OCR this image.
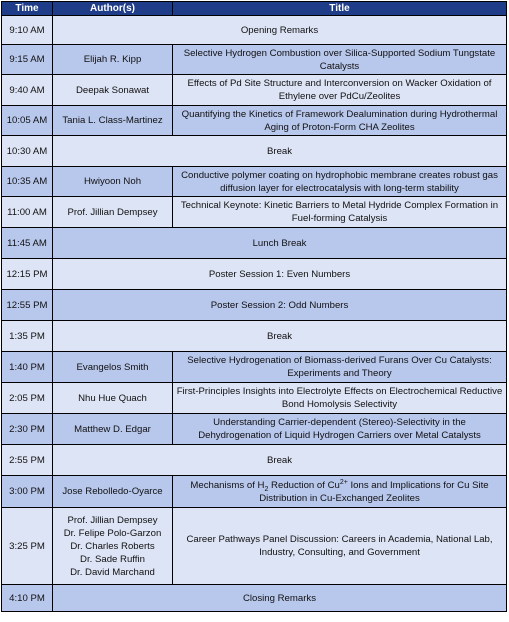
Time	Author(s)	Title
9:10 AM	Opening Remarks	
9:15 AM	Elijah R. Kipp	Selective Hydrogen Combustion over Silica-Supported Sodium Tungstate Catalysts
9:40 AM	Deepak Sonawat	Effects of Pd Site Structure and Interconversion on Wacker Oxidation of Ethylene over PdCu/Zeolites
10:05 AM	Tania L. Class-Martinez	Quantifying the Kinetics of Framework Dealumination during Hydrothermal Aging of Proton-Form CHA Zeolites
10:30 AM	Break	
10:35 AM	Hwiyoon Noh	Conductive polymer coating on hydrophobic membrane creates robust gas diffusion layer for electrocatalysis with long-term stability
11:00 AM	Prof. Jillian Dempsey	Technical Keynote: Kinetic Barriers to Metal Hydride Complex Formation in Fuel-forming Catalysis
11:45 AM	Lunch Break	
12:15 PM	Poster Session 1: Even Numbers	
12:55 PM	Poster Session 2: Odd Numbers	
1:35 PM	Break	
1:40 PM	Evangelos Smith	Selective Hydrogenation of Biomass-derived Furans Over Cu Catalysts: Experiments and Theory
2:05 PM	Nhu Hue Quach	First-Principles Insights into Electrolyte Effects on Electrochemical Reductive Bond Homolysis Selectivity
2:30 PM	Matthew D. Edgar	Understanding Carrier-dependent (Stereo)-Selectivity in the Dehydrogenation of Liquid Hydrogen Carriers over Metal Catalysts
2:55 PM	Break	
3:00 PM	Jose Rebolledo-Oyarce	Mechanisms of $H_2$ Reduction of $Cu^{2+}$ Ions and Implications for Cu Site Distribution in Cu-Exchanged Zeolites
3:25 PM	Prof. Jillian Dempsey
Dr. Felipe Polo-Garzon
Dr. Charles Roberts
Dr. Sade Ruffin
Dr. David Marchand	Career Pathways Panel Discussion: Careers in Academia, National Lab, Industry, Consulting, and Government
4:10 PM	Closing Remarks	
